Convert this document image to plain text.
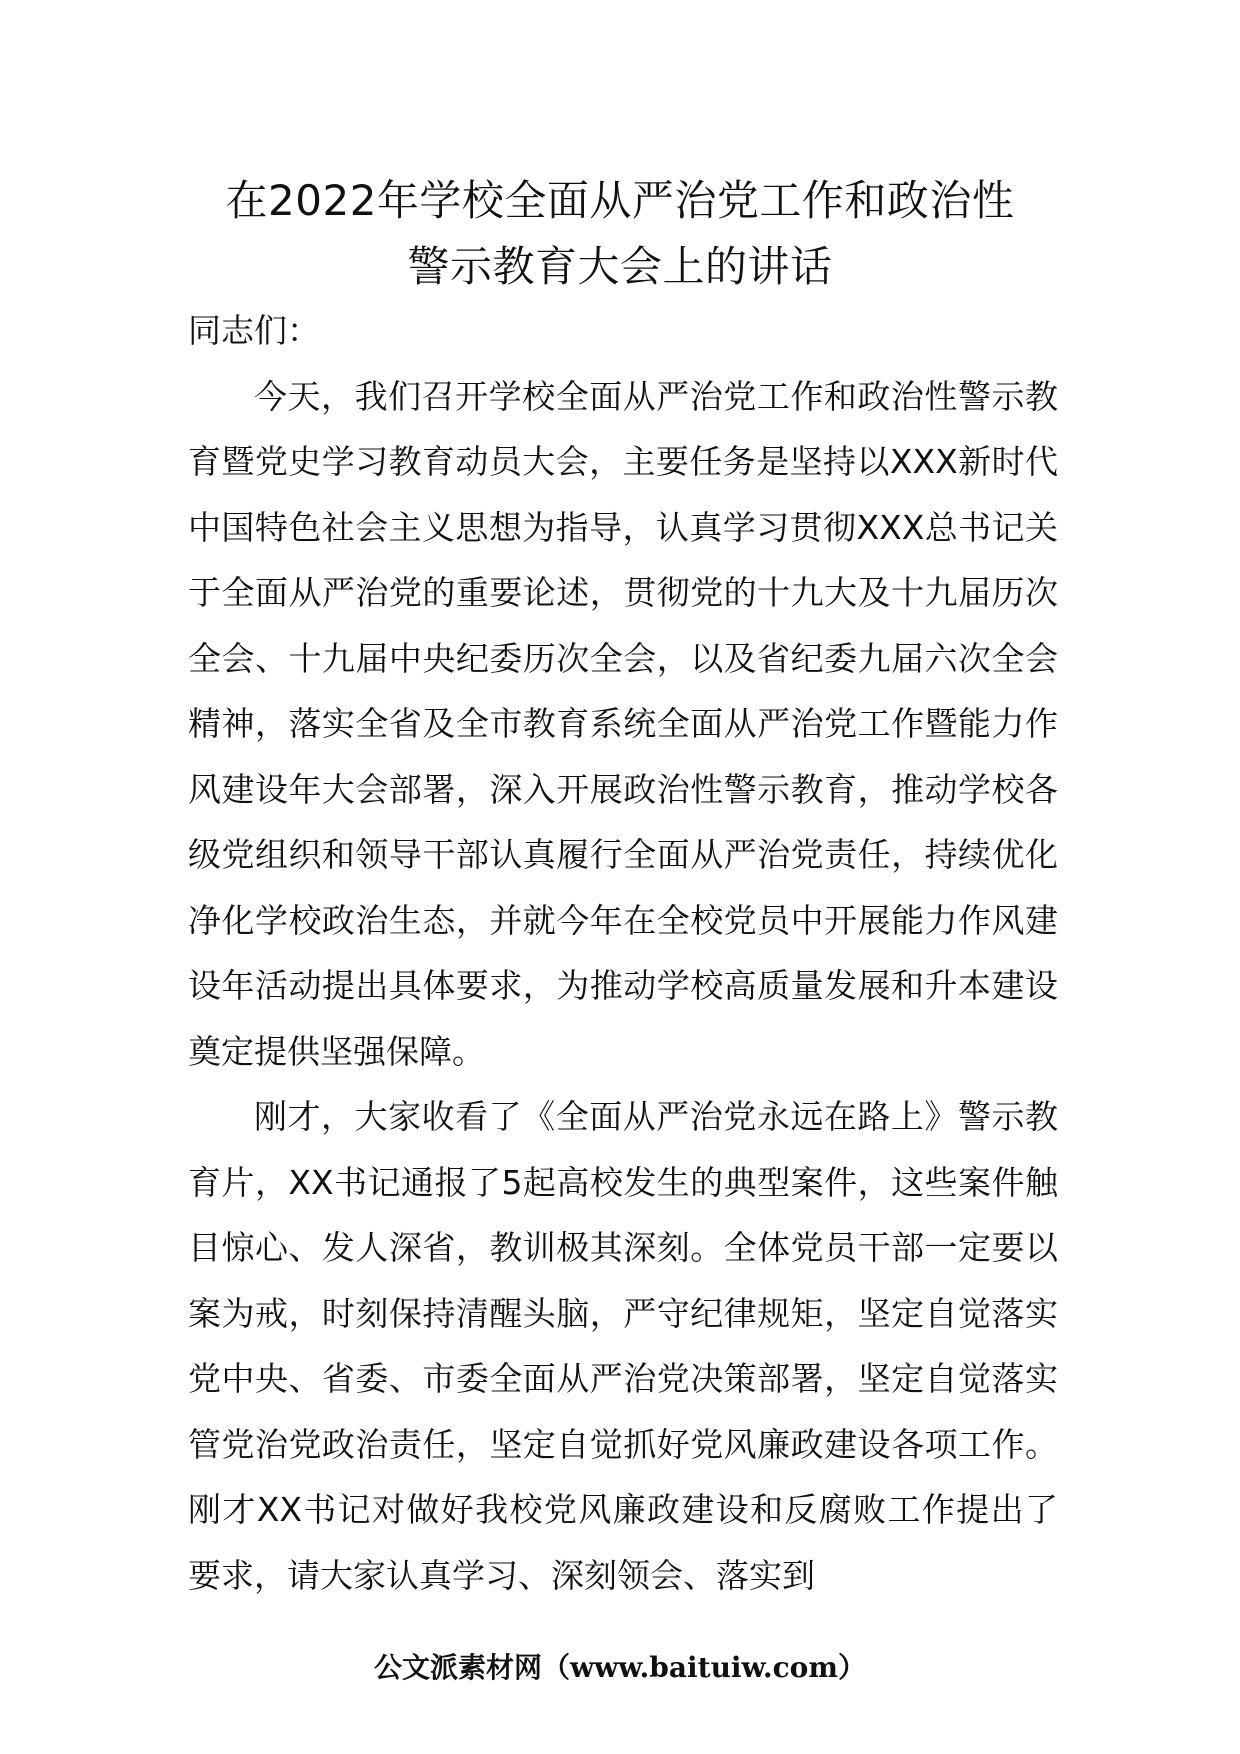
在2022年学校全面从严治党工作和政治性
警示教育大会上的讲话

同志们：

今天，我们召开学校全面从严治党工作和政治性警示教育暨党史学习教育动员大会，主要任务是坚持以XXX新时代中国特色社会主义思想为指导，认真学习贯彻XXX总书记关于全面从严治党的重要论述，贯彻党的十九大及十九届历次全会、十九届中央纪委历次全会，以及省纪委九届六次全会精神，落实全省及全市教育系统全面从严治党工作暨能力作风建设年大会部署，深入开展政治性警示教育，推动学校各级党组织和领导干部认真履行全面从严治党责任，持续优化净化学校政治生态，并就今年在全校党员中开展能力作风建设年活动提出具体要求，为推动学校高质量发展和升本建设奠定提供坚强保障。

刚才，大家收看了《全面从严治党永远在路上》警示教育片，XX书记通报了5起高校发生的典型案件，这些案件触目惊心、发人深省，教训极其深刻。全体党员干部一定要以案为戒，时刻保持清醒头脑，严守纪律规矩，坚定自觉落实党中央、省委、市委全面从严治党决策部署，坚定自觉落实管党治党政治责任，坚定自觉抓好党风廉政建设各项工作。刚才XX书记对做好我校党风廉政建设和反腐败工作提出了要求，请大家认真学习、深刻领会、落实到

公文派素材网（www.baituiw.com）
